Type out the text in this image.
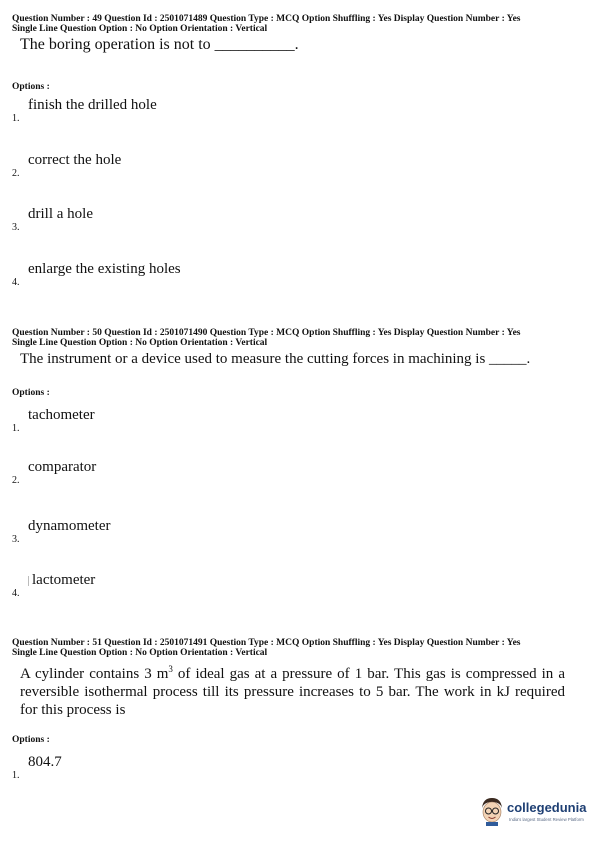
Question Number : 49 Question Id : 2501071489 Question Type : MCQ Option Shuffling : Yes Display Question Number : Yes
Single Line Question Option : No Option Orientation : Vertical
The boring operation is not to __________.
Options :
finish the drilled hole
1.
correct the hole
2.
drill a hole
3.
enlarge the existing holes
4.
Question Number : 50 Question Id : 2501071490 Question Type : MCQ Option Shuffling : Yes Display Question Number : Yes
Single Line Question Option : No Option Orientation : Vertical
The instrument or a device used to measure the cutting forces in machining is _____.
Options :
tachometer
1.
comparator
2.
dynamometer
3.
lactometer
4.
Question Number : 51 Question Id : 2501071491 Question Type : MCQ Option Shuffling : Yes Display Question Number : Yes
Single Line Question Option : No Option Orientation : Vertical
A cylinder contains 3 $m^3$ of ideal gas at a pressure of 1 bar. This gas is compressed in a reversible isothermal process till its pressure increases to 5 bar. The work in kJ required for this process is
Options :
804.7
1.
collegedunia
India's largest Student Review Platform
